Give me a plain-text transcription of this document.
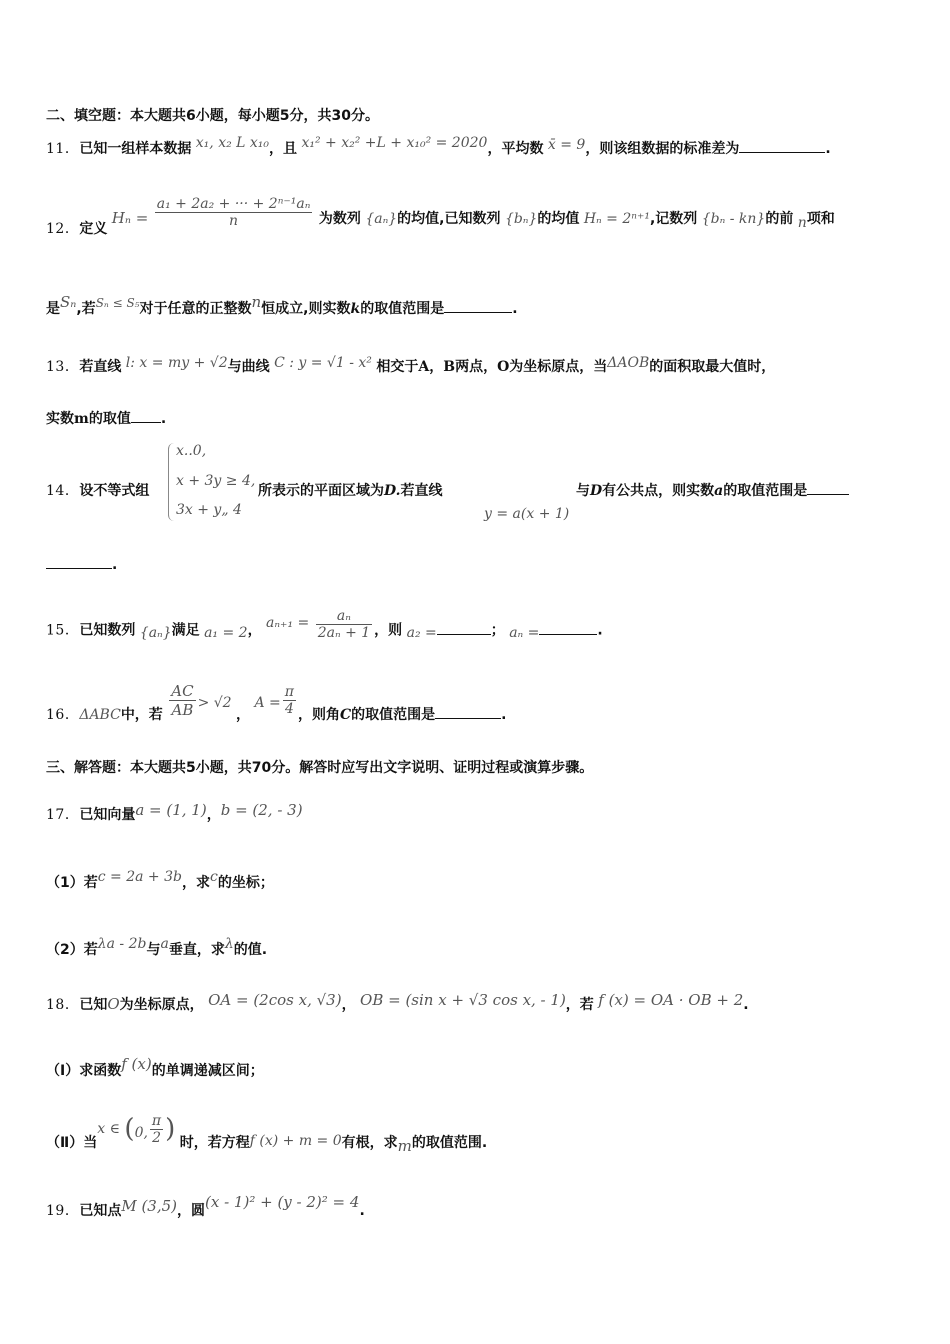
二、填空题：本大题共6小题，每小题5分，共30分。
11．已知一组样本数据 x₁, x₂ L x₁₀，且 x₁² + x₂² +L + x₁₀² = 2020，平均数 x̄ = 9，则该组数据的标准差为	.
12．定义 $H_n = \frac{\text{a₁ + 2a₂ + ··· + 2ⁿ⁻¹aₙ}}{n}$ 为数列 {aₙ}的均值,已知数列 {bₙ}的均值 Hₙ = 2ⁿ⁺¹,记数列 {bₙ - kn}的前 n项和
是Sₙ,若Sₙ ≤ S₅对于任意的正整数n恒成立,则实数k的取值范围是	.
13．若直线 l: x = my + √2与曲线 C : y = √1 - x² 相交于A，B两点，O为坐标原点，当ΔAOB的面积取最大值时，
实数m的取值 .
x..0,
x + 3y ≥ 4,
3x + y„ 4	y = a(x + 1)
14．设不等式组	所表示的平面区域为D.若直线	与D有公共点，则实数a的取值范围是
.
15．已知数列 {aₙ}满足 a₁ = 2， $a_{n+1} = \frac{\text{aₙ}}{\text{2aₙ + 1}}$ ，则 a₂ =	； aₙ =	.
16．ΔABC中，若 $\frac{AC}{AB} > √2$ ， $A = \frac{\pi}{4}$ ，则角C的取值范围是	.
三、解答题：本大题共5小题，共70分。解答时应写出文字说明、证明过程或演算步骤。
17．已知向量a = (1, 1)，b = (2, - 3)
（1）若c = 2a + 3b，求c的坐标；
（2）若λa - 2b与a垂直，求λ的值.
18．已知O为坐标原点， OA = (2cos x, √3)， OB = (sin x + √3 cos x, - 1)，若 f (x) = OA · OB + 2.
（Ⅰ）求函数f (x)的单调递减区间；
（Ⅱ）当x ∈ (0, $\frac{\pi}{2}$ ) 时，若方程f (x) + m = 0有根，求m的取值范围.
19．已知点M (3,5)，圆(x - 1)² + (y - 2)² = 4.
